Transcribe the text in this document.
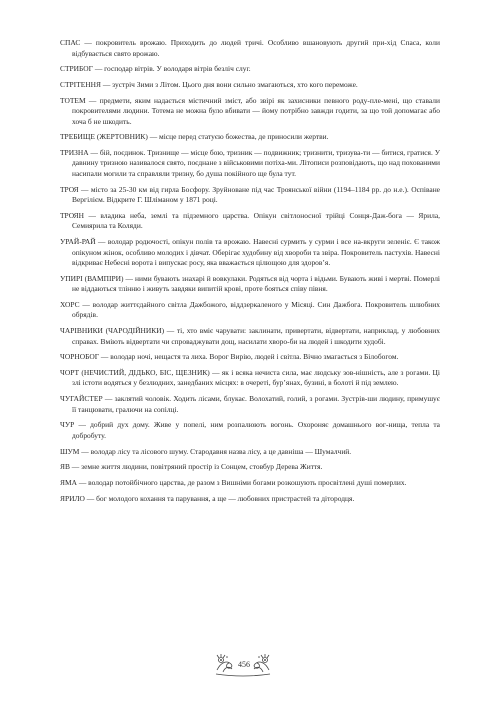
СПАС — покровитель врожаю. Приходить до людей тричі. Особливо вшановують другий при-хід Спаса, коли відбувається свято врожаю.

СТРИБОГ — господар вітрів. У володаря вітрів безліч слуг.

СТРІТЕННЯ — зустріч Зими з Літом. Цього дня вони сильно змагаються, хто кого переможе.

ТОТЕМ — предмети, яким надається містичний зміст, або звірі як захисники певного роду-пле-мені, що ставали покровителями людини. Тотема не можна було вбивати — йому потрібно завжди годити, за що той допомагає або хоча б не шкодить.

ТРЕБИЩЕ (ЖЕРТОВНИК) — місце перед статуєю божества, де приносили жертви.

ТРИЗНА — бій, поєдинок. Тризнище — місце бою, тризник — подвижник; тризнити, тризува-ти — битися, гратися. У давнину тризною називалося свято, поєднане з військовими потіха-ми. Літописи розповідають, що над похованими насипали могили та справляли тризну, бо душа покійного ще була тут.

ТРОЯ — місто за 25-30 км від гирла Босфору. Зруйноване під час Троянської війни (1194–1184 рр. до н.е.). Оспіване Вергілієм. Відкрите Г. Шліманом у 1871 році.

ТРОЯН — владика неба, землі та підземного царства. Опікун світлоносної трійці Сонця-Даж-бога — Ярила, Семиярила та Коляди.

УРАЙ-РАЙ — володар родючості, опікун полів та врожаю. Навесні сурмить у сурми і все на-вкруги зеленіє. Є також опікуном жінок, особливо молодих і дівчат. Оберігає худобину від хвороби та звіра. Покровитель пастухів. Навесні відкриває Небесні ворота і випускає росу, яка вважається цілющою для здоров’я.

УПИРІ (ВАМПІРИ) — ними бувають знахарі й вовкулаки. Родяться від чорта і відьми. Бувають живі і мертві. Померлі не віддаються тлінню і живуть завдяки випитій крові, проте бояться співу півня.

ХОРС — володар життєдайного світла Дажбожого, віддзеркаленого у Місяці. Син Дажбога. Покровитель шлюбних обрядів.

ЧАРІВНИКИ (ЧАРОДІЙНИКИ) — ті, хто вміє чарувати: заклинати, привертати, відвертати, наприклад, у любовних справах. Вміють відвертати чи спроваджувати дощ, насилати хворо-би на людей і шкодити худобі.

ЧОРНОБОГ — володар ночі, нещастя та лиха. Ворог Вирію, людей і світла. Вічно змагається з Білобогом.

ЧОРТ (НЕЧИСТИЙ, ДІДЬКО, БІС, ЩЕЗНИК) — як і всяка нечиста сила, має людську зов-нішність, але з рогами. Ці злі істоти водяться у безлюдних, занедбаних місцях: в очереті, бур’янах, бузині, в болоті й під землею.

ЧУГАЙСТЕР — заклятий чоловік. Ходить лісами, блукає. Волохатий, голий, з рогами. Зустрів-ши людину, примушує її танцювати, гралючи на сопілці.

ЧУР — добрий дух дому. Живе у попелі, ним розпалюють вогонь. Охороняє домашнього вог-нища, тепла та добробуту.

ШУМ — володар лісу та лісового шуму. Стародавня назва лісу, а це давніша — Шумалчий.

ЯВ — земне життя людини, повітряний простір із Сонцем, стовбур Дерева Життя.

ЯМА — володар потойбічного царства, де разом з Вишніми богами розкошують просвітлені душі померлих.

ЯРИЛО — бог молодого кохання та парування, а ще — любовних пристрастей та дітородця.

456
